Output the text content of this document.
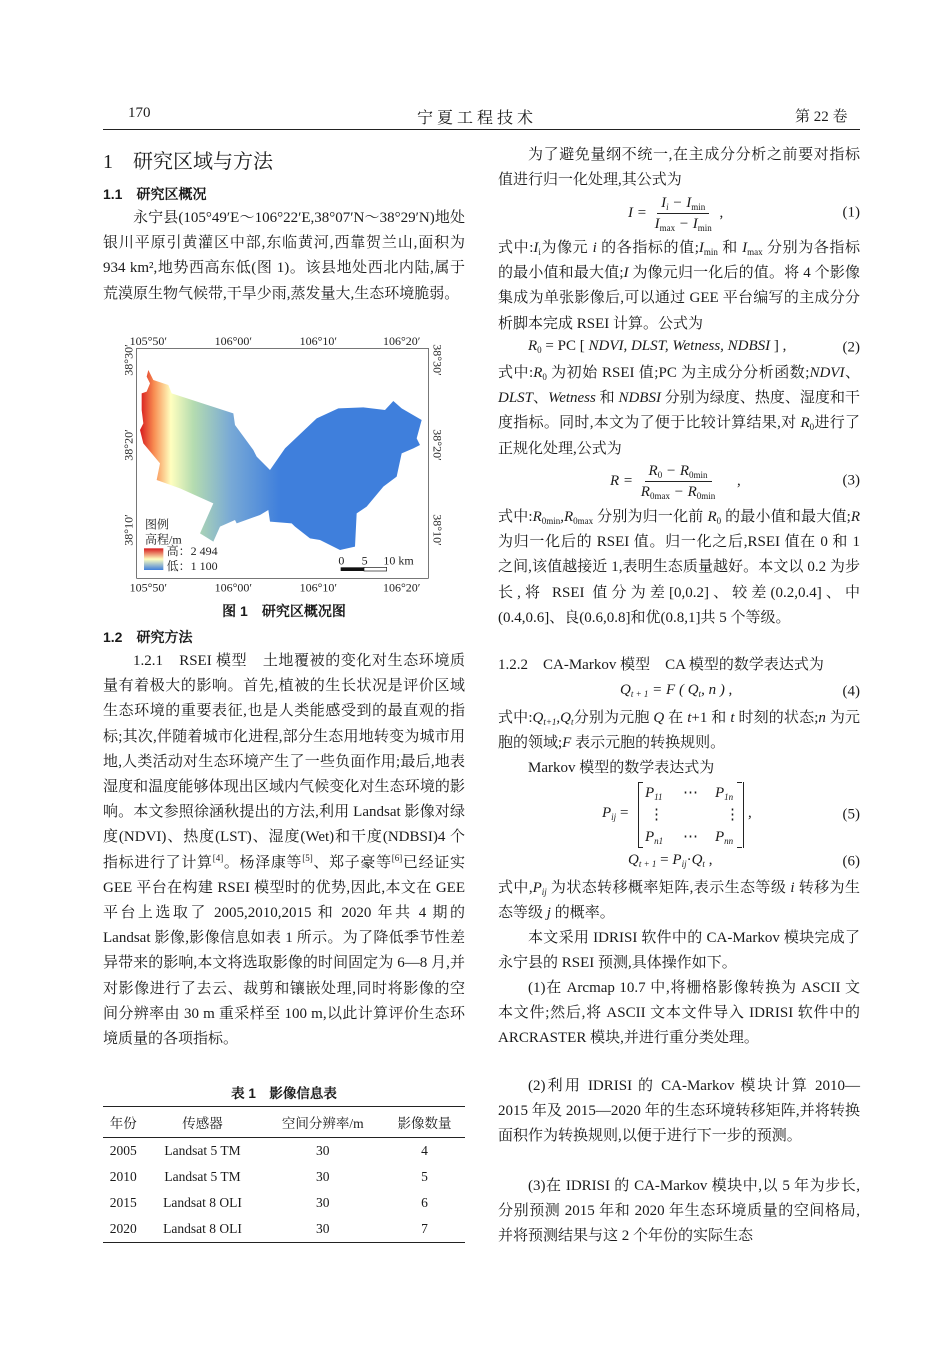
170	宁 夏 工 程 技 术	第 22 卷
1　研究区域与方法
1.1　研究区概况
永宁县(105°49′E～106°22′E,38°07′N～38°29′N)地处银川平原引黄灌区中部,东临黄河,西靠贺兰山,面积为 934 km²,地势西高东低(图 1)。该县地处西北内陆,属于荒漠原生物气候带,干旱少雨,蒸发量大,生态环境脆弱。
105°50′ 106°00′ 106°10′ 106°20′
105°50′ 106°00′ 106°10′ 106°20′
38°30′
38°20′
38°10′
38°30′
38°20′
38°10′
图例
高程/m
高：2 494
低：1 100	0 5 10 km
图 1　研究区概况图
1.2　研究方法
1.2.1　RSEI 模型　土地覆被的变化对生态环境质量有着极大的影响。首先,植被的生长状况是评价区域生态环境的重要表征,也是人类能感受到的最直观的指标;其次,伴随着城市化进程,部分生态用地转变为城市用地,人类活动对生态环境产生了一些负面作用;最后,地表湿度和温度能够体现出区域内气候变化对生态环境的影响。本文参照徐涵秋提出的方法,利用 Landsat 影像对绿度(NDVI)、热度(LST)、湿度(Wet)和干度(NDBSI)4 个指标进行了计算[4]。杨泽康等[5]、郑子豪等[6]已经证实 GEE 平台在构建 RSEI 模型时的优势,因此,本文在 GEE 平台上选取了 2005,2010,2015 和 2020 年共 4 期的 Landsat 影像,影像信息如表 1 所示。为了降低季节性差异带来的影响,本文将选取影像的时间固定为 6—8 月,并对影像进行了去云、裁剪和镶嵌处理,同时将影像的空间分辨率由 30 m 重采样至 100 m,以此计算评价生态环境质量的各项指标。
表 1　影像信息表
年份	传感器	空间分辨率/m	影像数量
2005	Landsat 5 TM	30	4
2010	Landsat 5 TM	30	5
2015	Landsat 8 OLI	30	6
2020	Landsat 8 OLI	30	7
为了避免量纲不统一,在主成分分析之前要对指标值进行归一化处理,其公式为
$I = \frac{I_i - I_{min}}{I_{max} - I_{min}}$ ,	(1)
式中$:I_i$为像元 i 的各指标的值$;I_{min}$ 和 $I_{max}$ 分别为各指标的最小值和最大值;I 为像元归一化后的值。将 4 个影像集成为单张影像后,可以通过 GEE 平台编写的主成分分析脚本完成 RSEI 计算。公式为
$R_0$ = PC [ NDVI, DLST, Wetness, NDBSI ] ,	(2)
式中$:R_0$ 为初始 RSEI 值;PC 为主成分分析函数;NDVI、DLST、Wetness 和 NDBSI 分别为绿度、热度、湿度和干度指标。同时,本文为了便于比较计算结果,对 $R_0$进行了正规化处理,公式为
$R = \frac{R_0 - R_{0min}}{R_{0max} - R_{0min}}$ ,	(3)
式中$:R_{0min},R_{0max}$ 分别为归一化前 $R_0$ 的最小值和最大值;R 为归一化后的 RSEI 值。归一化之后,RSEI 值在 0 和 1 之间,该值越接近 1,表明生态质量越好。本文以 0.2 为步长,将 RSEI 值分为差[0,0.2]、较差(0.2,0.4]、中(0.4,0.6]、良(0.6,0.8]和优(0.8,1]共 5 个等级。
1.2.2　CA-Markov 模型　CA 模型的数学表达式为
$Q_{t + 1} = F$ ( $Q_t$, n ) ,	(4)
式中$:Q_{t+1},Q_t$分别为元胞 Q 在 t+1 和 t 时刻的状态;n 为元胞的领域;F 表示元胞的转换规则。
Markov 模型的数学表达式为
$P_{ij}$ =
$P_{11}$ ⋯ $P_{1n}$
⋮	⋮
$P_{n1}$ ⋯ $P_{nn}$
,	(5)
$Q_{t + 1} = P_{ij}\cdot Q_t$ ,	(6)
式中$,P_{ij}$ 为状态转移概率矩阵,表示生态等级 i 转移为生态等级 j 的概率。
本文采用 IDRISI 软件中的 CA-Markov 模块完成了永宁县的 RSEI 预测,具体操作如下。
(1)在 Arcmap 10.7 中,将栅格影像转换为 ASCII 文本文件;然后,将 ASCII 文本文件导入 IDRISI 软件中的 ARCRASTER 模块,并进行重分类处理。
(2)利用 IDRISI 的 CA-Markov 模块计算 2010—2015 年及 2015—2020 年的生态环境转移矩阵,并将转换面积作为转换规则,以便于进行下一步的预测。
(3)在 IDRISI 的 CA-Markov 模块中,以 5 年为步长,分别预测 2015 年和 2020 年生态环境质量的空间格局,并将预测结果与这 2 个年份的实际生态
